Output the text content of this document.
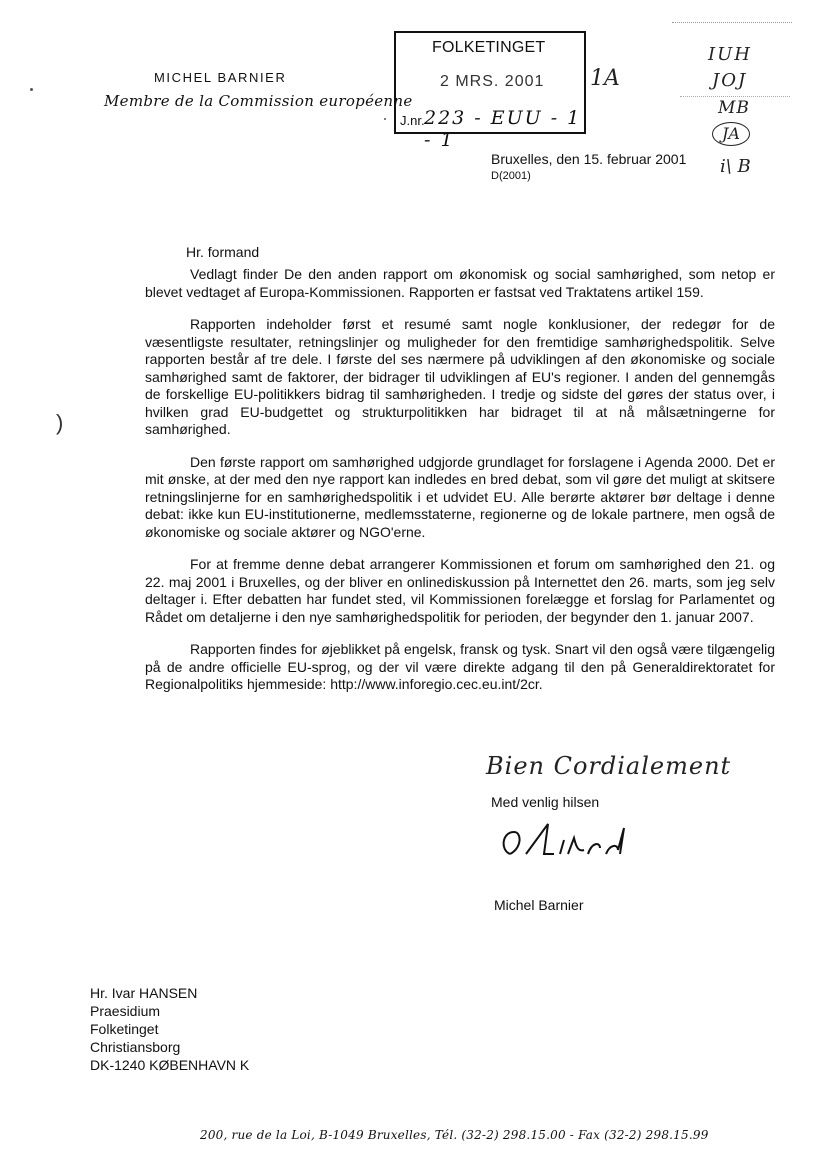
MICHEL BARNIER
Membre de la Commission européenne
FOLKETINGET
2 MRS. 2001
J.nr. 223 - EUU - 1 - 1
1A
IUH
JOJ
MB
JA
i\ B
)
Bruxelles, den 15. februar 2001
D(2001)
Hr. formand

Vedlagt finder De den anden rapport om økonomisk og social samhørighed, som netop er blevet vedtaget af Europa-Kommissionen. Rapporten er fastsat ved Traktatens artikel 159.

Rapporten indeholder først et resumé samt nogle konklusioner, der redegør for de væsentligste resultater, retningslinjer og muligheder for den fremtidige samhørighedspolitik. Selve rapporten består af tre dele. I første del ses nærmere på udviklingen af den økonomiske og sociale samhørighed samt de faktorer, der bidrager til udviklingen af EU's regioner. I anden del gennemgås de forskellige EU-politikkers bidrag til samhørigheden. I tredje og sidste del gøres der status over, i hvilken grad EU-budgettet og strukturpolitikken har bidraget til at nå målsætningerne for samhørighed.

Den første rapport om samhørighed udgjorde grundlaget for forslagene i Agenda 2000. Det er mit ønske, at der med den nye rapport kan indledes en bred debat, som vil gøre det muligt at skitsere retningslinjerne for en samhørighedspolitik i et udvidet EU. Alle berørte aktører bør deltage i denne debat: ikke kun EU-institutionerne, medlemsstaterne, regionerne og de lokale partnere, men også de økonomiske og sociale aktører og NGO'erne.

For at fremme denne debat arrangerer Kommissionen et forum om samhørighed den 21. og 22. maj 2001 i Bruxelles, og der bliver en onlinediskussion på Internettet den 26. marts, som jeg selv deltager i. Efter debatten har fundet sted, vil Kommissionen forelægge et forslag for Parlamentet og Rådet om detaljerne i den nye samhørighedspolitik for perioden, der begynder den 1. januar 2007.

Rapporten findes for øjeblikket på engelsk, fransk og tysk. Snart vil den også være tilgængelig på de andre officielle EU-sprog, og der vil være direkte adgang til den på Generaldirektoratet for Regionalpolitiks hjemmeside: http://www.inforegio.cec.eu.int/2cr.

Bien Cordialement
Med venlig hilsen
Michel Barnier
Hr. Ivar HANSEN
Praesidium
Folketinget
Christiansborg
DK-1240 KØBENHAVN K
200, rue de la Loi, B-1049 Bruxelles, Tél. (32-2) 298.15.00 - Fax (32-2) 298.15.99
